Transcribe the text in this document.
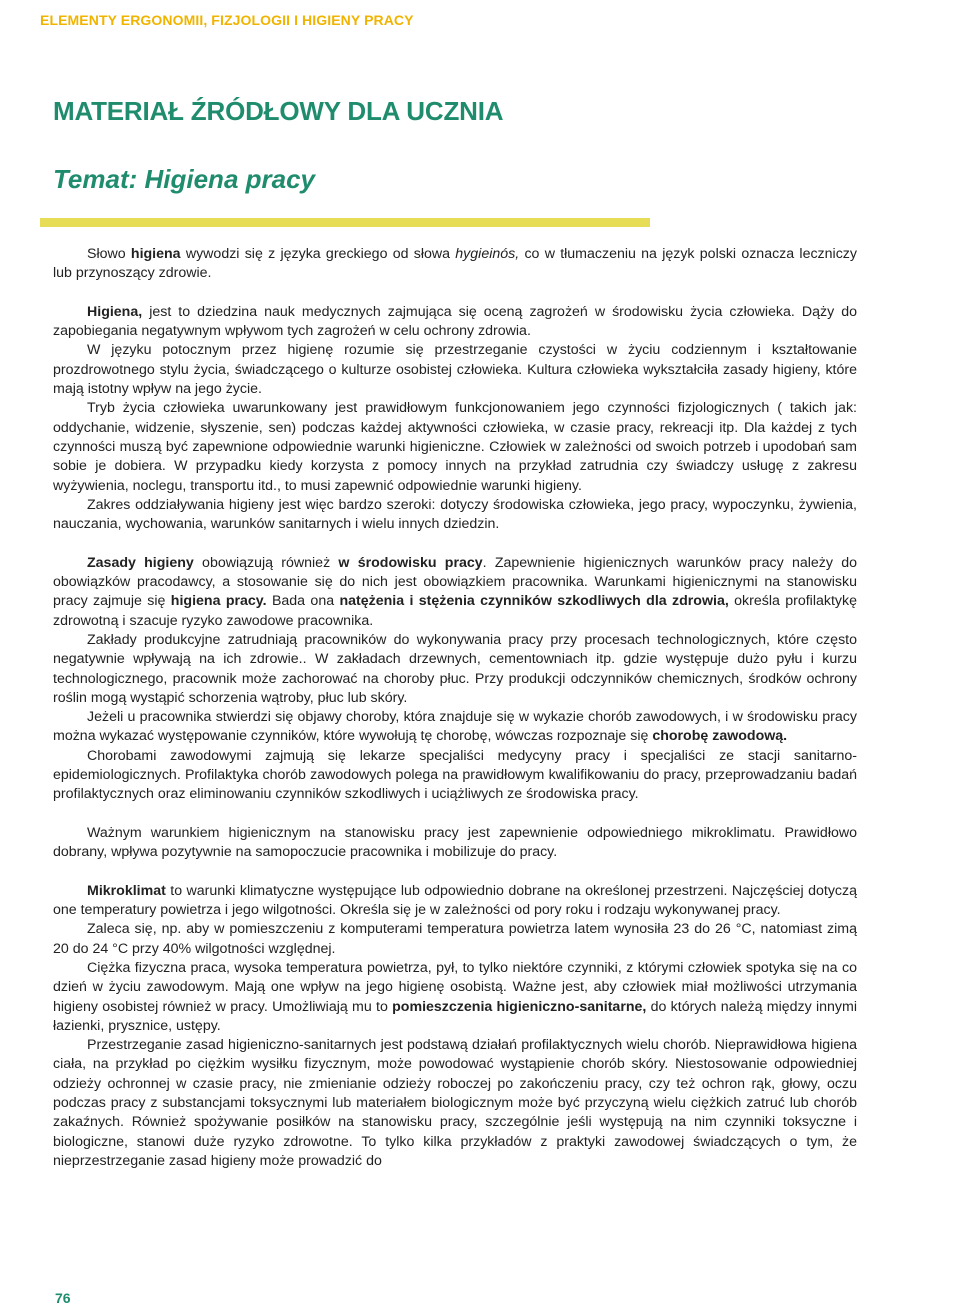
ELEMENTY ERGONOMII, FIZJOLOGII I HIGIENY PRACY
MATERIAŁ ŹRÓDŁOWY DLA UCZNIA
Temat: Higiena pracy

Słowo higiena wywodzi się z języka greckiego od słowa hygieinós, co w tłumaczeniu na język polski oznacza leczniczy lub przynoszący zdrowie.

Higiena, jest to dziedzina nauk medycznych zajmująca się oceną zagrożeń w środowisku życia człowieka. Dąży do zapobiegania negatywnym wpływom tych zagrożeń w celu ochrony zdrowia.

W języku potocznym przez higienę rozumie się przestrzeganie czystości w życiu codziennym i kształtowanie prozdrowotnego stylu życia, świadczącego o kulturze osobistej człowieka. Kultura człowieka wykształciła zasady higieny, które mają istotny wpływ na jego życie.

Tryb życia człowieka uwarunkowany jest prawidłowym funkcjonowaniem jego czynności fizjologicznych ( takich jak: oddychanie, widzenie, słyszenie, sen) podczas każdej aktywności człowieka, w czasie pracy, rekreacji itp. Dla każdej z tych czynności muszą być zapewnione odpowiednie warunki higieniczne. Człowiek w zależności od swoich potrzeb i upodobań sam sobie je dobiera. W przypadku kiedy korzysta z pomocy innych na przykład zatrudnia czy świadczy usługę z zakresu wyżywienia, noclegu, transportu itd., to musi zapewnić odpowiednie warunki higieny.

Zakres oddziaływania higieny jest więc bardzo szeroki: dotyczy środowiska człowieka, jego pracy, wypoczynku, żywienia, nauczania, wychowania, warunków sanitarnych i wielu innych dziedzin.

Zasady higieny obowiązują również w środowisku pracy. Zapewnienie higienicznych warunków pracy należy do obowiązków pracodawcy, a stosowanie się do nich jest obowiązkiem pracownika. Warunkami higienicznymi na stanowisku pracy zajmuje się higiena pracy. Bada ona natężenia i stężenia czynników szkodliwych dla zdrowia, określa profilaktykę zdrowotną i szacuje ryzyko zawodowe pracownika.

Zakłady produkcyjne zatrudniają pracowników do wykonywania pracy przy procesach technologicznych, które często negatywnie wpływają na ich zdrowie.. W zakładach drzewnych, cementowniach itp. gdzie występuje dużo pyłu i kurzu technologicznego, pracownik może zachorować na choroby płuc. Przy produkcji odczynników chemicznych, środków ochrony roślin mogą wystąpić schorzenia wątroby, płuc lub skóry.

Jeżeli u pracownika stwierdzi się objawy choroby, która znajduje się w wykazie chorób zawodowych, i w środowisku pracy można wykazać występowanie czynników, które wywołują tę chorobę, wówczas rozpoznaje się chorobę zawodową.

Chorobami zawodowymi zajmują się lekarze specjaliści medycyny pracy i specjaliści ze stacji sanitarno-epidemiologicznych. Profilaktyka chorób zawodowych polega na prawidłowym kwalifikowaniu do pracy, przeprowadzaniu badań profilaktycznych oraz eliminowaniu czynników szkodliwych i uciążliwych ze środowiska pracy.

Ważnym warunkiem higienicznym na stanowisku pracy jest zapewnienie odpowiedniego mikroklimatu. Prawidłowo dobrany, wpływa pozytywnie na samopoczucie pracownika i mobilizuje do pracy.

Mikroklimat to warunki klimatyczne występujące lub odpowiednio dobrane na określonej przestrzeni. Najczęściej dotyczą one temperatury powietrza i jego wilgotności. Określa się je w zależności od pory roku i rodzaju wykonywanej pracy.

Zaleca się, np. aby w pomieszczeniu z komputerami temperatura powietrza latem wynosiła 23 do 26 °C, natomiast zimą 20 do 24 °C przy 40% wilgotności względnej.

Ciężka fizyczna praca, wysoka temperatura powietrza, pył, to tylko niektóre czynniki, z którymi człowiek spotyka się na co dzień w życiu zawodowym. Mają one wpływ na jego higienę osobistą. Ważne jest, aby człowiek miał możliwości utrzymania higieny osobistej również w pracy. Umożliwiają mu to pomieszczenia higieniczno-sanitarne, do których należą między innymi łazienki, prysznice, ustępy.

Przestrzeganie zasad higieniczno-sanitarnych jest podstawą działań profilaktycznych wielu chorób. Nieprawidłowa higiena ciała, na przykład po ciężkim wysiłku fizycznym, może powodować wystąpienie chorób skóry. Niestosowanie odpowiedniej odzieży ochronnej w czasie pracy, nie zmienianie odzieży roboczej po zakończeniu pracy, czy też ochron rąk, głowy, oczu podczas pracy z substancjami toksycznymi lub materiałem biologicznym może być przyczyną wielu ciężkich zatruć lub chorób zakaźnych. Również spożywanie posiłków na stanowisku pracy, szczególnie jeśli występują na nim czynniki toksyczne i biologiczne, stanowi duże ryzyko zdrowotne. To tylko kilka przykładów z praktyki zawodowej świadczących o tym, że nieprzestrzeganie zasad higieny może prowadzić do

76
